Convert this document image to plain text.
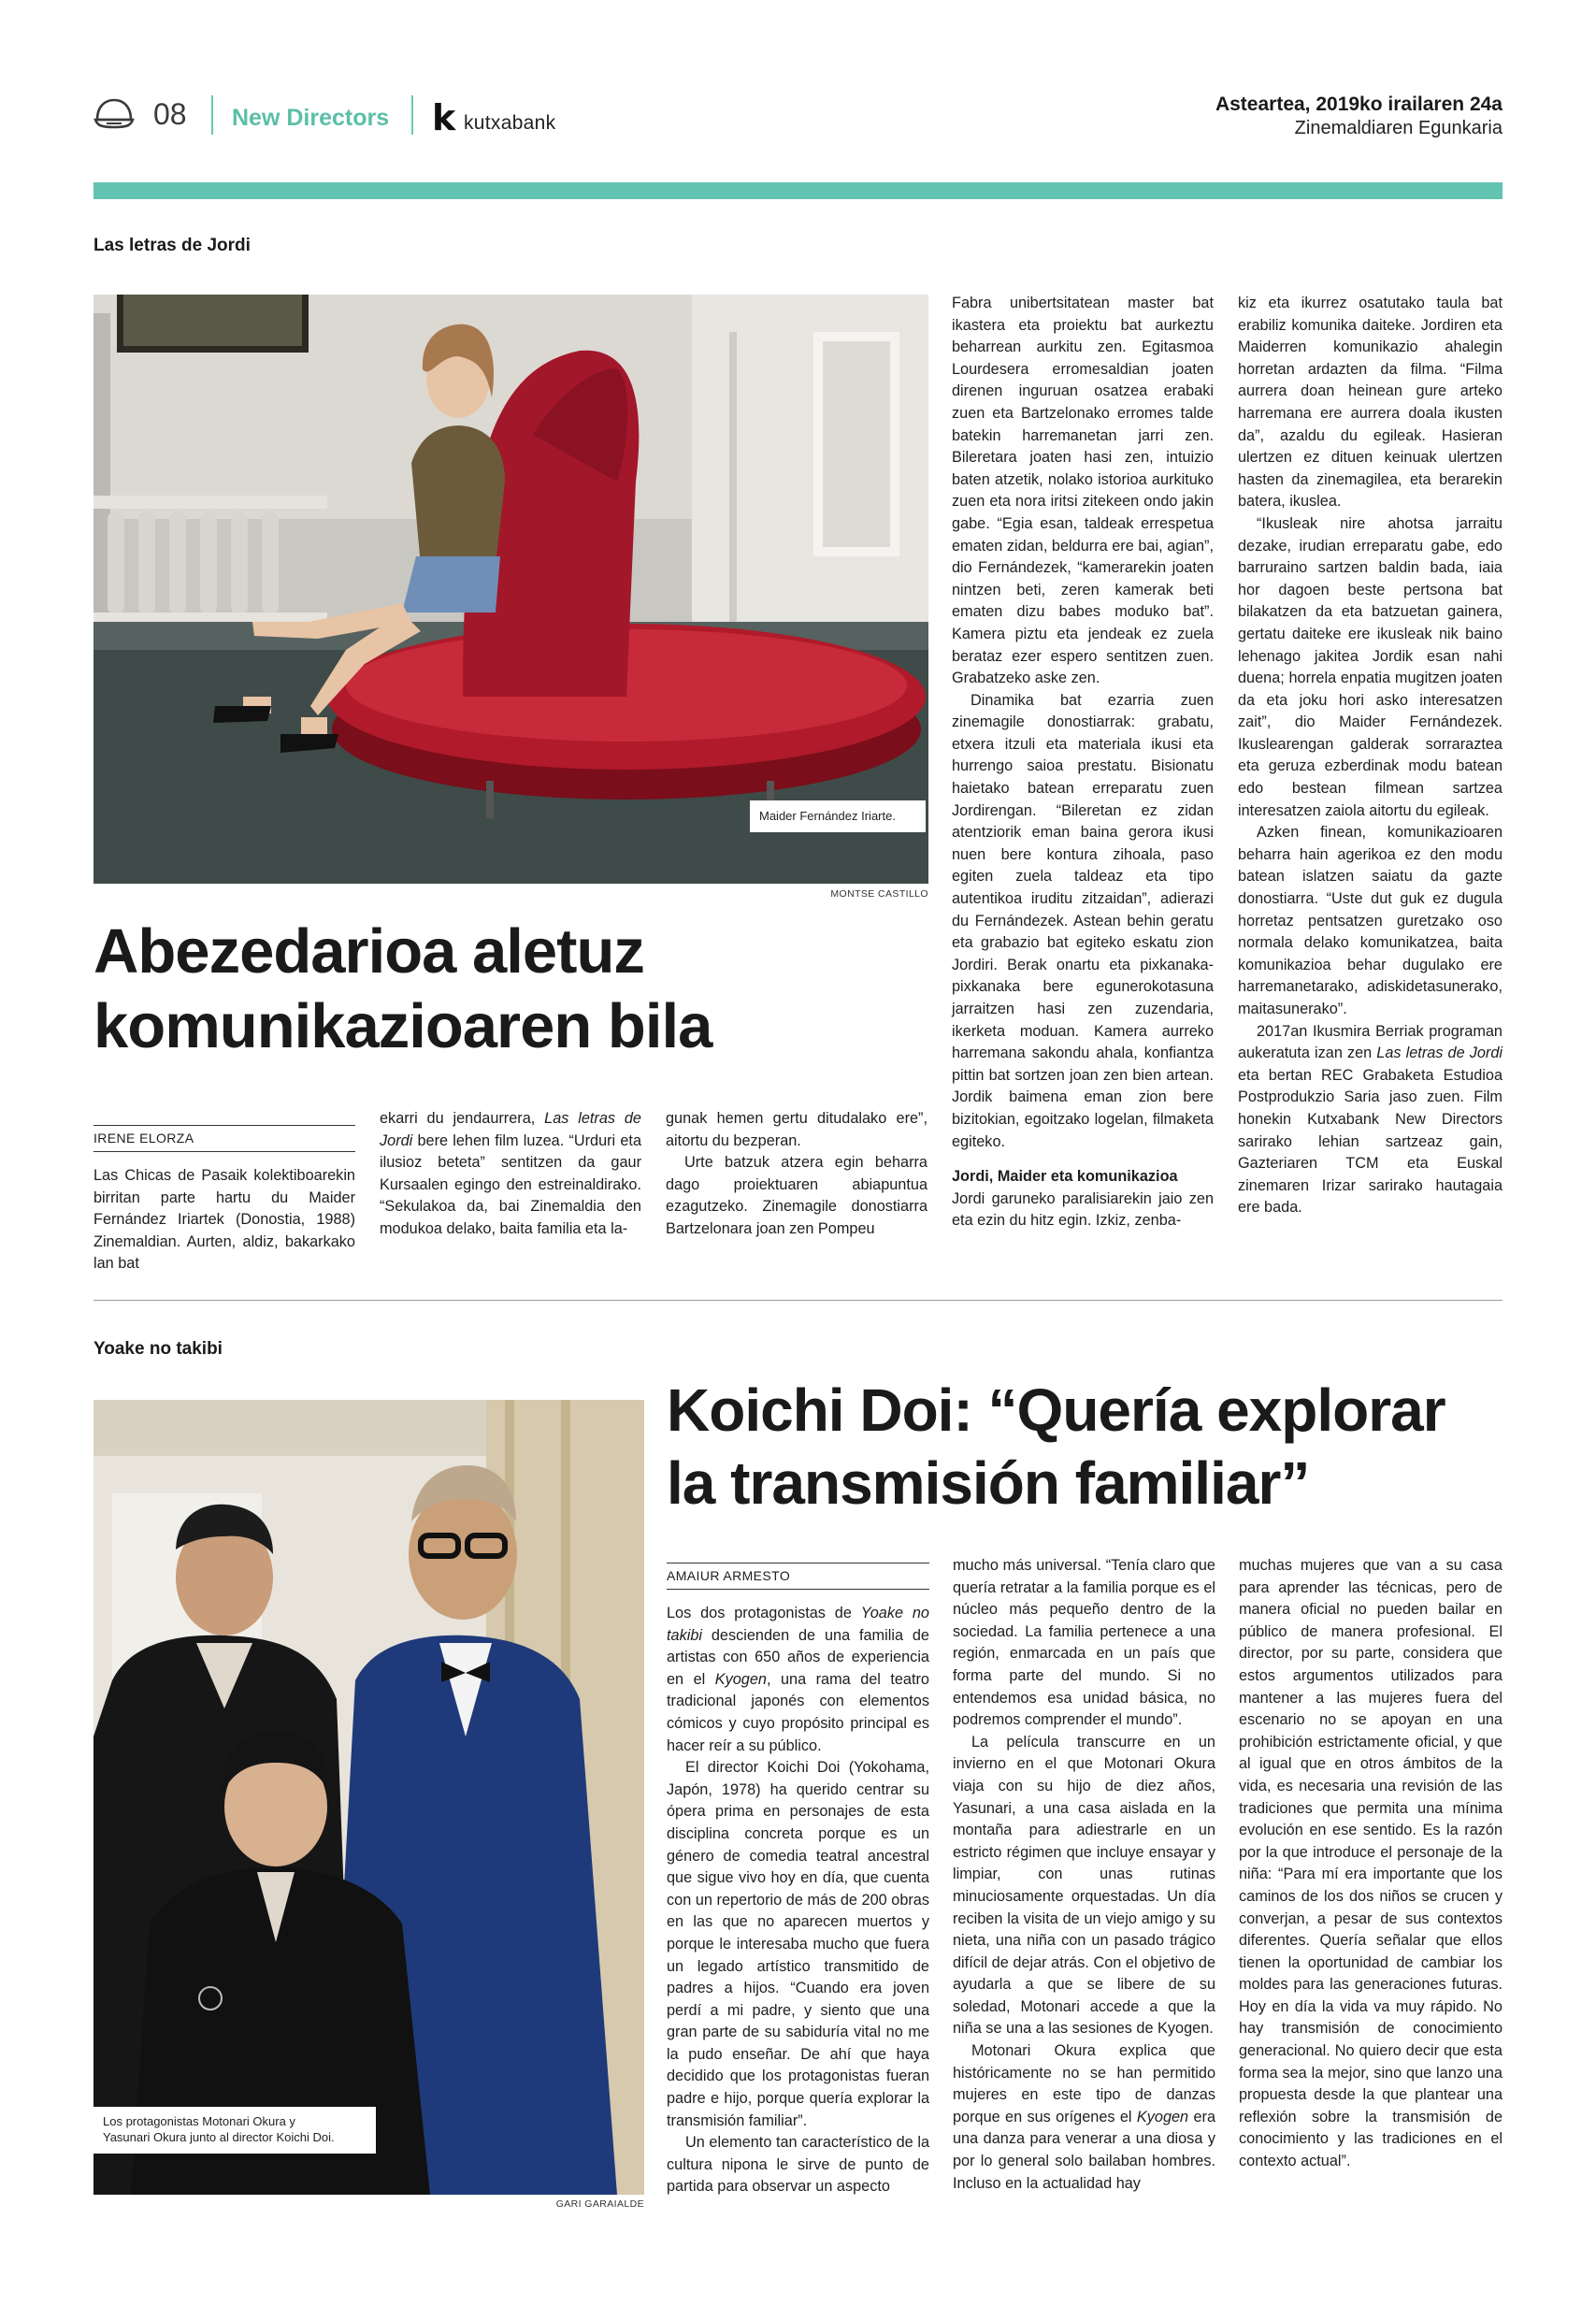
08 New Directors k kutxabank
Asteartea, 2019ko irailaren 24a
Zinemaldiaren Egunkaria
Las letras de Jordi
Maider Fernández Iriarte.
MONTSE CASTILLO
Abezedarioa aletuz
komunikazioaren bila
IRENE ELORZA

Las Chicas de Pasaik kolektiboarekin birritan parte hartu du Maider Fernández Iriartek (Donostia, 1988) Zinemaldian. Aurten, aldiz, bakarkako lan bat

ekarri du jendaurrera, Las letras de Jordi bere lehen film luzea. “Urduri eta ilusioz beteta” sentitzen da gaur Kursaalen egingo den estreinaldirako. “Sekulakoa da, bai Zinemaldia den modukoa delako, baita familia eta la-

gunak hemen gertu ditudalako ere”, aitortu du bezperan.

Urte batzuk atzera egin beharra dago proiektuaren abiapuntua ezagutzeko. Zinemagile donostiarra Bartzelonara joan zen Pompeu

Fabra unibertsitatean master bat ikastera eta proiektu bat aurkeztu beharrean aurkitu zen. Egitasmoa Lourdesera erromesaldian joaten direnen inguruan osatzea erabaki zuen eta Bartzelonako erromes talde batekin harremanetan jarri zen. Bileretara joaten hasi zen, intuizio baten atzetik, nolako istorioa aurkituko zuen eta nora iritsi zitekeen ondo jakin gabe. “Egia esan, taldeak errespetua ematen zidan, beldurra ere bai, agian”, dio Fernándezek, “kamerarekin joaten nintzen beti, zeren kamerak beti ematen dizu babes moduko bat”. Kamera piztu eta jendeak ez zuela berataz ezer espero sentitzen zuen. Grabatzeko aske zen.

Dinamika bat ezarria zuen zinemagile donostiarrak: grabatu, etxera itzuli eta materiala ikusi eta hurrengo saioa prestatu. Bisionatu haietako batean erreparatu zuen Jordirengan. “Bileretan ez zidan atentziorik eman baina gerora ikusi nuen bere kontura zihoala, paso egiten zuela taldeaz eta tipo autentikoa iruditu zitzaidan”, adierazi du Fernándezek. Astean behin geratu eta grabazio bat egiteko eskatu zion Jordiri. Berak onartu eta pixkanaka-pixkanaka bere egunerokotasuna jarraitzen hasi zen zuzendaria, ikerketa moduan. Kamera aurreko harremana sakondu ahala, konfiantza pittin bat sortzen joan zen bien artean. Jordik baimena eman zion bere bizitokian, egoitzako logelan, filmaketa egiteko.

Jordi, Maider eta komunikazioa

Jordi garuneko paralisiarekin jaio zen eta ezin du hitz egin. Izkiz, zenba-

kiz eta ikurrez osatutako taula bat erabiliz komunika daiteke. Jordiren eta Maiderren komunikazio ahalegin horretan ardazten da filma. “Filma aurrera doan heinean gure arteko harremana ere aurrera doala ikusten da”, azaldu du egileak. Hasieran ulertzen ez dituen keinuak ulertzen hasten da zinemagilea, eta berarekin batera, ikuslea.

“Ikusleak nire ahotsa jarraitu dezake, irudian erreparatu gabe, edo barruraino sartzen baldin bada, iaia hor dagoen beste pertsona bat bilakatzen da eta batzuetan gainera, gertatu daiteke ere ikusleak nik baino lehenago jakitea Jordik esan nahi duena; horrela enpatia mugitzen joaten da eta joku hori asko interesatzen zait”, dio Maider Fernándezek. Ikuslearengan galderak sorraraztea eta geruza ezberdinak modu batean edo bestean filmean sartzea interesatzen zaiola aitortu du egileak.

Azken finean, komunikazioaren beharra hain agerikoa ez den modu batean islatzen saiatu da gazte donostiarra. “Uste dut guk ez dugula horretaz pentsatzen guretzako oso normala delako komunikatzea, baita komunikazioa behar dugulako ere harremanetarako, adiskidetasunerako, maitasunerako”.

2017an Ikusmira Berriak programan aukeratuta izan zen Las letras de Jordi eta bertan REC Grabaketa Estudioa Postprodukzio Saria jaso zuen. Film honekin Kutxabank New Directors sarirako lehian sartzeaz gain, Gazteriaren TCM eta Euskal zinemaren Irizar sarirako hautagaia ere bada.

Yoake no takibi
Los protagonistas Motonari Okura y
Yasunari Okura junto al director Koichi Doi.
GARI GARAIALDE
Koichi Doi: “Quería explorar
la transmisión familiar”
AMAIUR ARMESTO

Los dos protagonistas de Yoake no takibi descienden de una familia de artistas con 650 años de experiencia en el Kyogen, una rama del teatro tradicional japonés con elementos cómicos y cuyo propósito principal es hacer reír a su público.

El director Koichi Doi (Yokohama, Japón, 1978) ha querido centrar su ópera prima en personajes de esta disciplina concreta porque es un género de comedia teatral ancestral que sigue vivo hoy en día, que cuenta con un repertorio de más de 200 obras en las que no aparecen muertos y porque le interesaba mucho que fuera un legado artístico transmitido de padres a hijos. “Cuando era joven perdí a mi padre, y siento que una gran parte de su sabiduría vital no me la pudo enseñar. De ahí que haya decidido que los protagonistas fueran padre e hijo, porque quería explorar la transmisión familiar”.

Un elemento tan característico de la cultura nipona le sirve de punto de partida para observar un aspecto

mucho más universal. “Tenía claro que quería retratar a la familia porque es el núcleo más pequeño dentro de la sociedad. La familia pertenece a una región, enmarcada en un país que forma parte del mundo. Si no entendemos esa unidad básica, no podremos comprender el mundo”.

La película transcurre en un invierno en el que Motonari Okura viaja con su hijo de diez años, Yasunari, a una casa aislada en la montaña para adiestrarle en un estricto régimen que incluye ensayar y limpiar, con unas rutinas minuciosamente orquestadas. Un día reciben la visita de un viejo amigo y su nieta, una niña con un pasado trágico difícil de dejar atrás. Con el objetivo de ayudarla a que se libere de su soledad, Motonari accede a que la niña se una a las sesiones de Kyogen.

Motonari Okura explica que históricamente no se han permitido mujeres en este tipo de danzas porque en sus orígenes el Kyogen era una danza para venerar a una diosa y por lo general solo bailaban hombres. Incluso en la actualidad hay

muchas mujeres que van a su casa para aprender las técnicas, pero de manera oficial no pueden bailar en público de manera profesional. El director, por su parte, considera que estos argumentos utilizados para mantener a las mujeres fuera del escenario no se apoyan en una prohibición estrictamente oficial, y que al igual que en otros ámbitos de la vida, es necesaria una revisión de las tradiciones que permita una mínima evolución en ese sentido. Es la razón por la que introduce el personaje de la niña: “Para mí era importante que los caminos de los dos niños se crucen y converjan, a pesar de sus contextos diferentes. Quería señalar que ellos tienen la oportunidad de cambiar los moldes para las generaciones futuras. Hoy en día la vida va muy rápido. No hay transmisión de conocimiento generacional. No quiero decir que esta forma sea la mejor, sino que lanzo una propuesta desde la que plantear una reflexión sobre la transmisión de conocimiento y las tradiciones en el contexto actual”.
